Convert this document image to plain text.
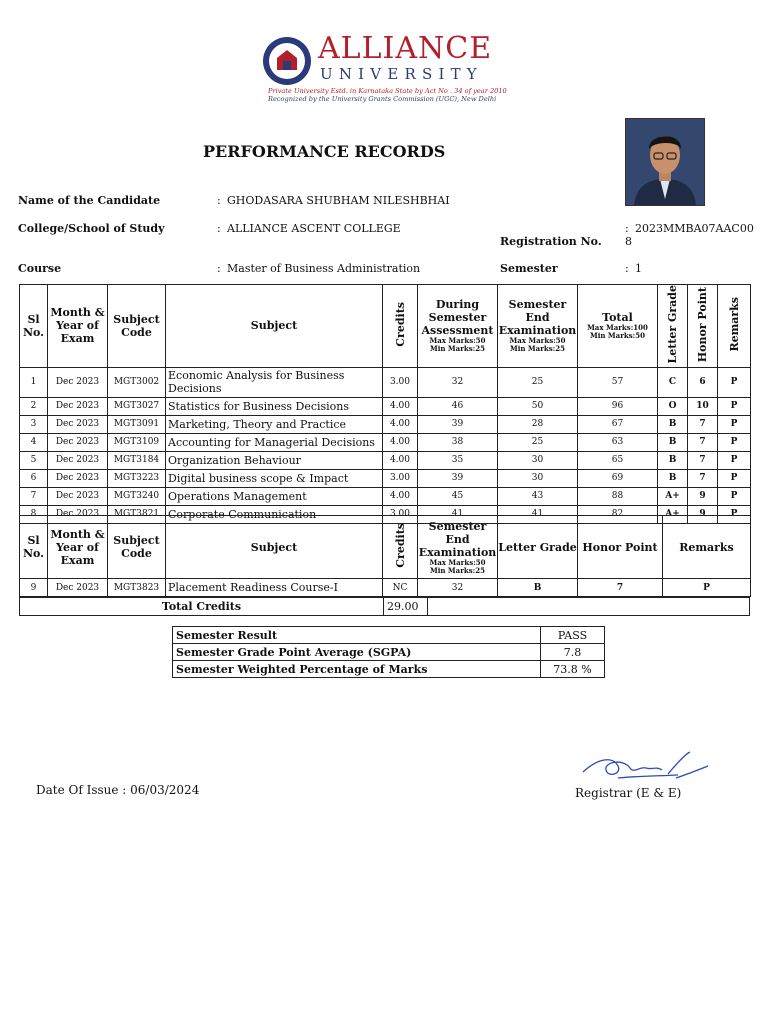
ALLIANCE
UNIVERSITY
Private University Estd. in Karnataka State by Act No . 34 of year 2010
Recognized by the University Grants Commission (UGC), New Delhi
PERFORMANCE RECORDS
Name of the Candidate	: GHODASARA SHUBHAM NILESHBHAI
College/School of Study	: ALLIANCE ASCENT COLLEGE
Registration No.
: 2023MMBA07AAC00
8
Course	: Master of Business Administration	Semester	: 1
Sl No.	Month & Year of Exam	Subject Code	Subject	Credits	During Semester Assessment
Max Marks:50
Min Marks:25	Semester End Examination
Max Marks:50
Min Marks:25	Total
Max Marks:100
Min Marks:50	Letter Grade	Honor Point	Remarks
1	Dec 2023	MGT3002	Economic Analysis for Business Decisions	3.00	32	25	57	C	6	P
2	Dec 2023	MGT3027	Statistics for Business Decisions	4.00	46	50	96	O	10	P
3	Dec 2023	MGT3091	Marketing, Theory and Practice	4.00	39	28	67	B	7	P
4	Dec 2023	MGT3109	Accounting for Managerial Decisions	4.00	38	25	63	B	7	P
5	Dec 2023	MGT3184	Organization Behaviour	4.00	35	30	65	B	7	P
6	Dec 2023	MGT3223	Digital business scope & Impact	3.00	39	30	69	B	7	P
7	Dec 2023	MGT3240	Operations Management	4.00	45	43	88	A+	9	P
8	Dec 2023	MGT3821	Corporate Communication	3.00	41	41	82	A+	9	P
Sl No.	Month & Year of Exam	Subject Code	Subject	Credits	Semester End Examination
Max Marks:50
Min Marks:25	Letter Grade	Honor Point	Remarks
9	Dec 2023	MGT3823	Placement Readiness Course-I	NC	32	B	7	P
Total Credits	29.00	
Semester Result	PASS
Semester Grade Point Average (SGPA)	7.8
Semester Weighted Percentage of Marks	73.8 %
Date Of Issue : 06/03/2024	Registrar (E & E)
